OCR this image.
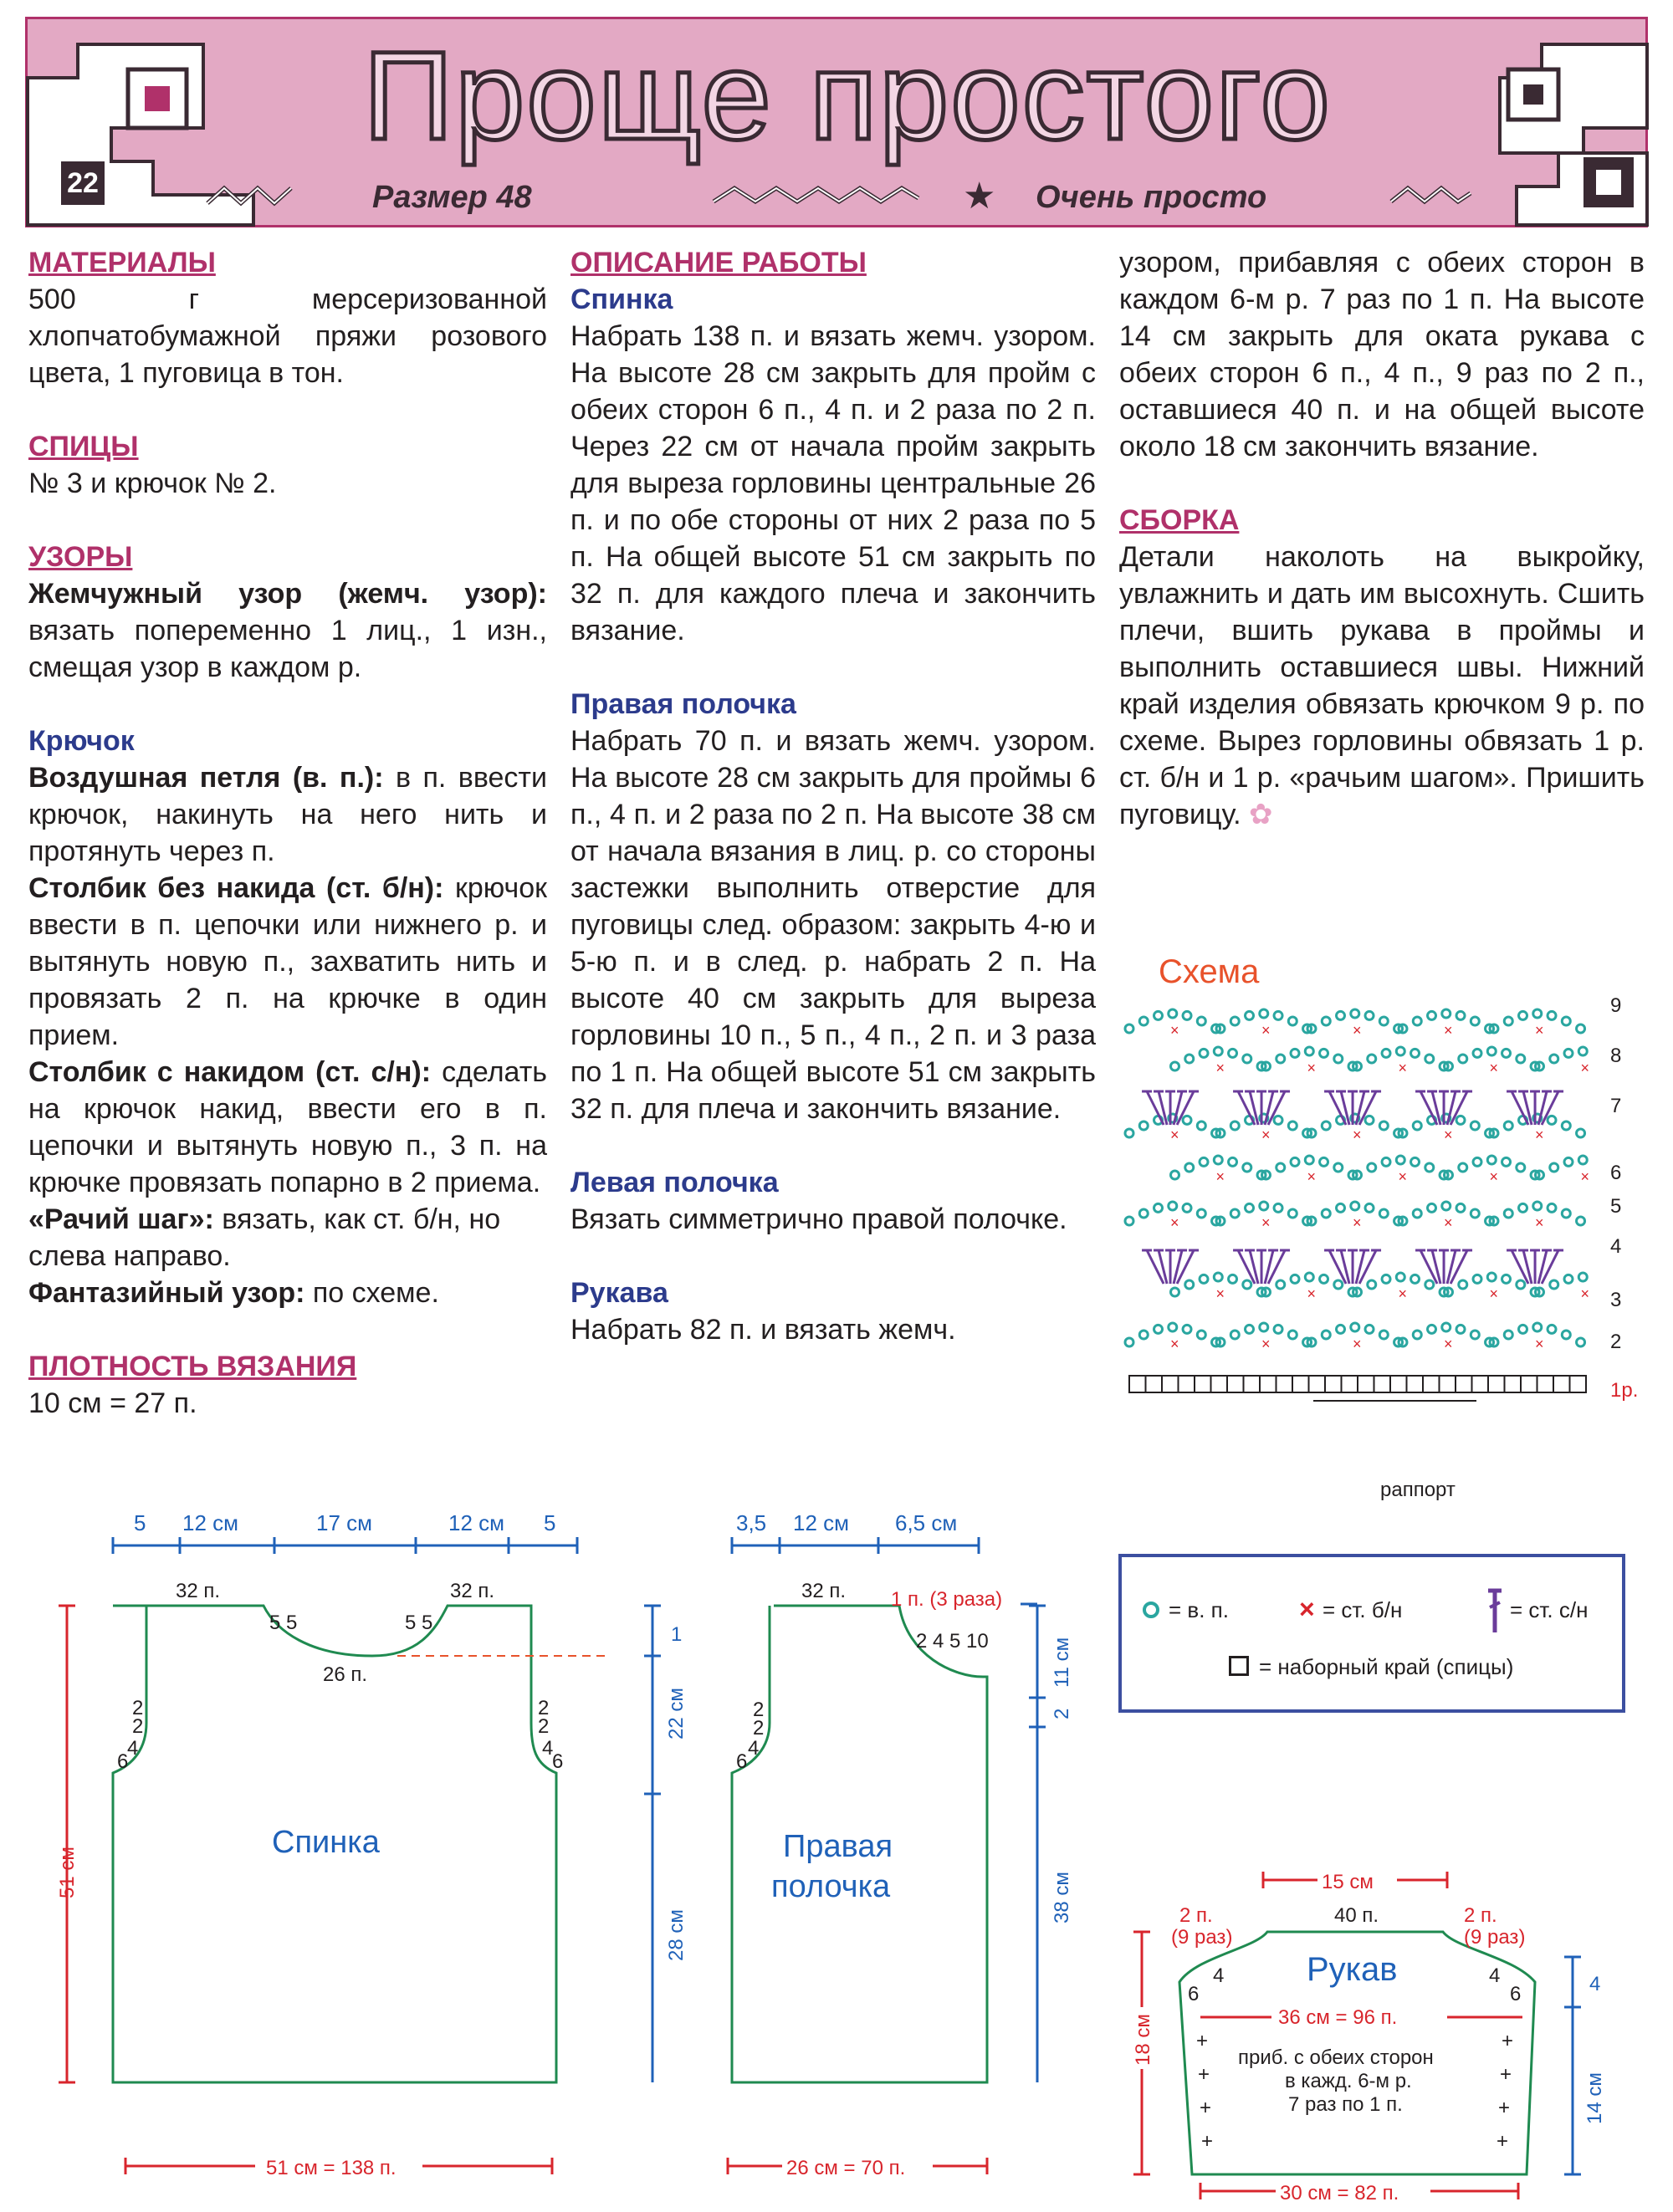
Проще простого
22	Размер 48	★ Очень просто

МАТЕРИАЛЫ

500 г мерсеризованной хлопчатобумажной пряжи розового цвета, 1 пуговица в тон.

СПИЦЫ

№ 3 и крючок № 2.

УЗОРЫ

Жемчужный узор (жемч. узор): вязать попеременно 1 лиц., 1 изн., смещая узор в каждом р.

Крючок

Воздушная петля (в. п.): в п. ввести крючок, накинуть на него нить и протянуть через п.

Столбик без накида (ст. б/н): крючок ввести в п. цепочки или нижнего р. и вытянуть новую п., захватить нить и провязать 2 п. на крючке в один прием.

Столбик с накидом (ст. с/н): сделать на крючок накид, ввести его в п. цепочки и вытянуть новую п., 3 п. на крючке провязать попарно в 2 приема.

«Рачий шаг»: вязать, как ст. б/н, но слева направо.

Фантазийный узор: по схеме.

ПЛОТНОСТЬ ВЯЗАНИЯ

10 см = 27 п.

ОПИСАНИЕ РАБОТЫ

Спинка

Набрать 138 п. и вязать жемч. узором. На высоте 28 см закрыть для пройм с обеих сторон 6 п., 4 п. и 2 раза по 2 п. Через 22 см от начала пройм закрыть для выреза горловины центральные 26 п. и по обе стороны от них 2 раза по 5 п. На общей высоте 51 см закрыть по 32 п. для каждого плеча и закончить вязание.

Правая полочка

Набрать 70 п. и вязать жемч. узором. На высоте 28 см закрыть для проймы 6 п., 4 п. и 2 раза по 2 п. На высоте 38 см от начала вязания в лиц. р. со стороны застежки выполнить отверстие для пуговицы след. образом: закрыть 4-ю и 5-ю п. и в след. р. набрать 2 п. На высоте 40 см закрыть для выреза горловины 10 п., 5 п., 4 п., 2 п. и 3 раза по 1 п. На общей высоте 51 см закрыть 32 п. для плеча и закончить вязание.

Левая полочка

Вязать симметрично правой полочке.

Рукава

Набрать 82 п. и вязать жемч.

узором, прибавляя с обеих сторон в каждом 6-м р. 7 раз по 1 п. На высоте 14 см закрыть для оката рукава с обеих сторон 6 п., 4 п., 9 раз по 2 п., оставшиеся 40 п. и на общей высоте около 18 см закончить вязание.

СБОРКА

Детали наколоть на выкройку, увлажнить и дать им высохнуть. Сшить плечи, вшить рукава в проймы и выполнить оставшиеся швы. Нижний край изделия обвязать крючком 9 р. по схеме. Вырез горловины обвязать 1 р. ст. б/н и 1 р. «рачьим шагом». Пришить пуговицу. ✿

Схема
×	×	×	×	×
×	×	×	×	×
×	×	×	×	×
×	×	×	×	×
×	×	×	×	×
×	×	×	×	×
×	×	×	×	×
9
8
7
6
5
4
3
2
1р.
раппорт
= в. п.	× = ст. б/н	= ст. с/н
= наборный край (спицы)
5 12 см	17 см	12 см 5
32 п.	32 п.
5 5	5 5
26 п.
2
2
4
6
2
2
4
6
Спинка
51 см
1
22 см
28 см
51 см = 138 п.
3,5 12 см 6,5 см
32 п. 1 п. (3 раза)
2 4 5 10
2
2
4
6
Правая
полочка
11 см
2
38 см
26 см = 70 п.
15 см
40 п.
2 п.
(9 раз)
2 п.
(9 раз)
4
6
4
6
Рукав
36 см = 96 п.
+
+
+
+
+
+
+
+
приб. с обеих сторон
в кажд. 6-м р.
7 раз по 1 п.
18 см
4
14 см
30 см = 82 п.
